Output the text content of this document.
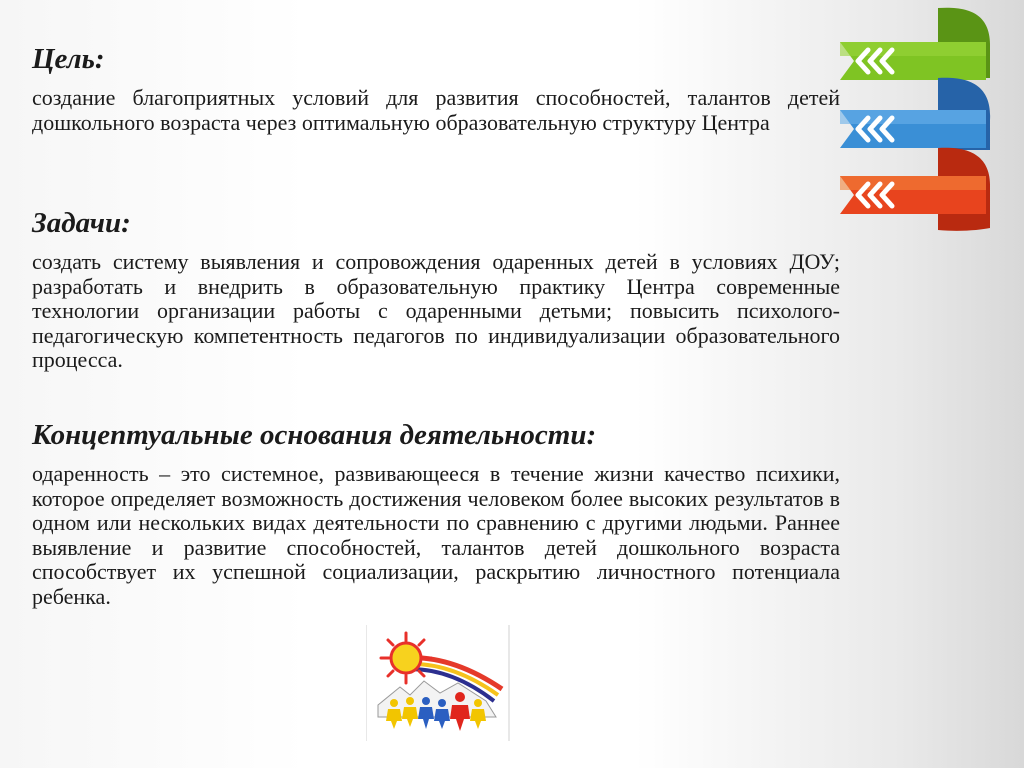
Цель:

создание благоприятных условий для развития способностей, талантов детей дошкольного возраста через оптимальную образовательную структуру Центра

Задачи:

создать систему выявления и сопровождения одаренных детей в условиях ДОУ; разработать и внедрить в образовательную практику Центра современные технологии организации работы с одаренными детьми; повысить психолого-педагогическую компетентность педагогов по индивидуализации образовательного процесса.

Концептуальные основания деятельности:

одаренность – это системное, развивающееся в течение жизни качество психики, которое определяет возможность достижения человеком более высоких результатов в одном или нескольких видах деятельности по сравнению с другими людьми. Раннее выявление и развитие способностей, талантов детей дошкольного возраста способствует их успешной социализации, раскрытию личностного потенциала ребенка.
